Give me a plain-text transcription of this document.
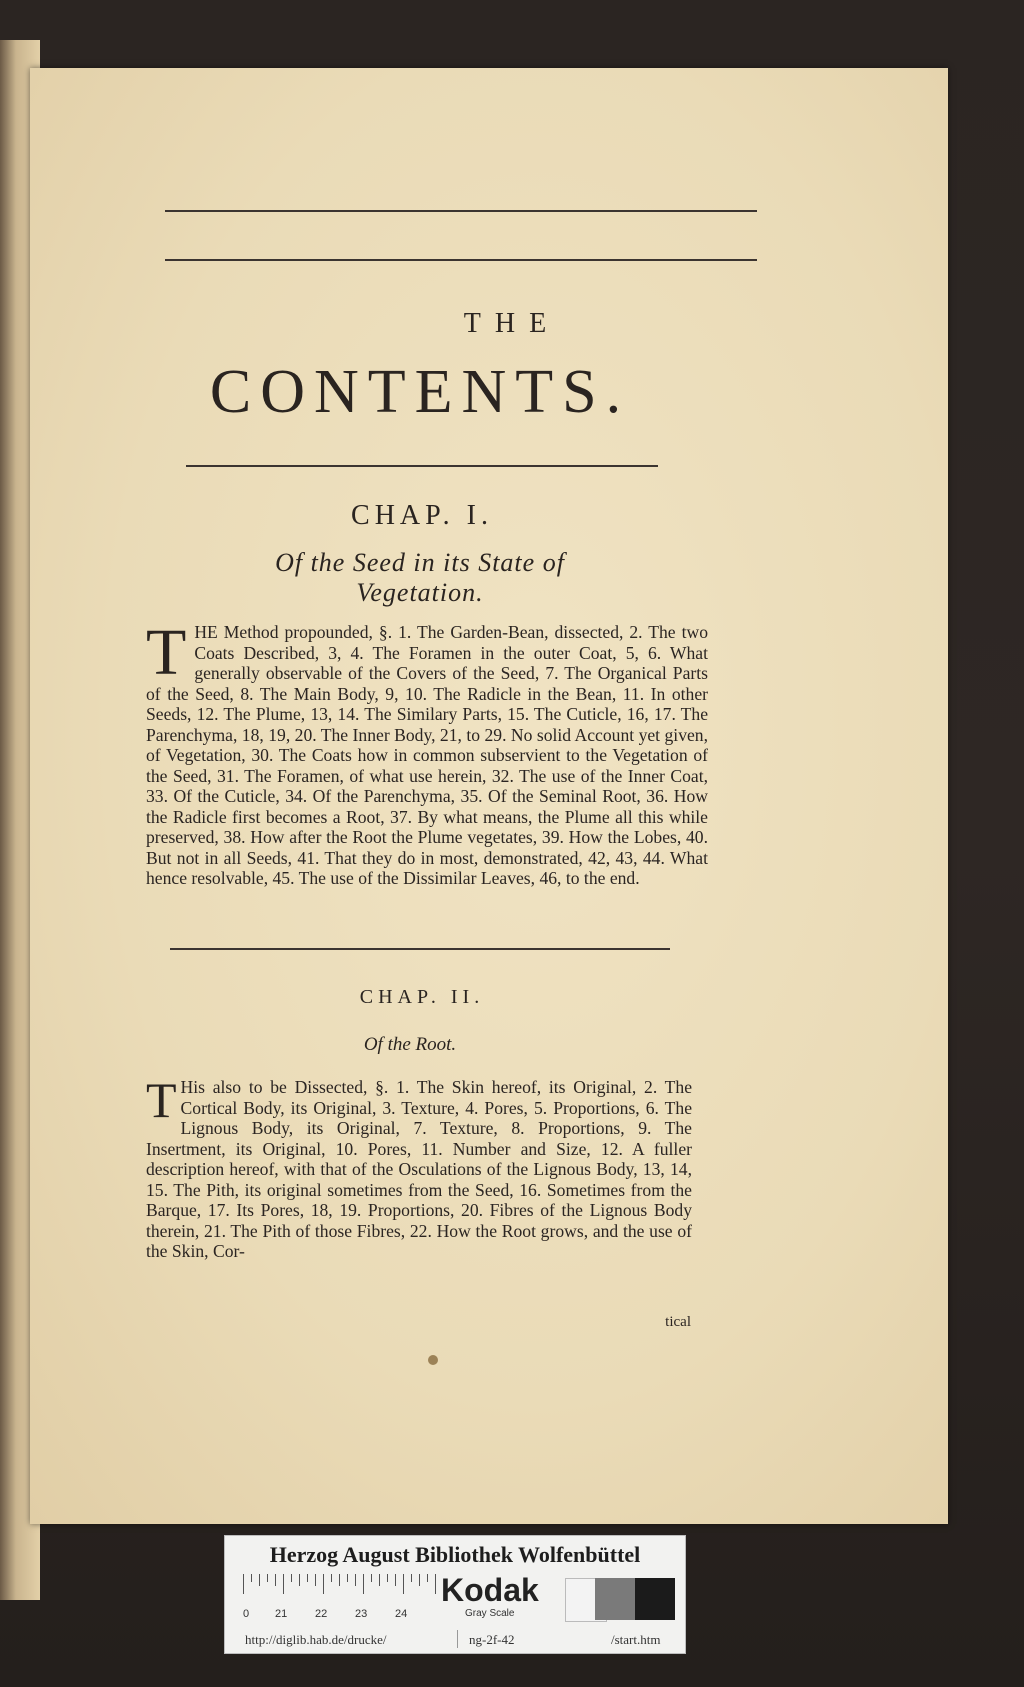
THE
CONTENTS.
CHAP. I.
Of the Seed in its State of Vegetation.

THE Method propounded, §. 1. The Garden-Bean, dissected, 2. The two Coats Described, 3, 4. The Foramen in the outer Coat, 5, 6. What generally observable of the Covers of the Seed, 7. The Organical Parts of the Seed, 8. The Main Body, 9, 10. The Radicle in the Bean, 11. In other Seeds, 12. The Plume, 13, 14. The Similary Parts, 15. The Cuticle, 16, 17. The Parenchyma, 18, 19, 20. The Inner Body, 21, to 29. No solid Account yet given, of Vegetation, 30. The Coats how in common subservient to the Vegetation of the Seed, 31. The Foramen, of what use herein, 32. The use of the Inner Coat, 33. Of the Cuticle, 34. Of the Parenchyma, 35. Of the Seminal Root, 36. How the Radicle first becomes a Root, 37. By what means, the Plume all this while preserved, 38. How after the Root the Plume vegetates, 39. How the Lobes, 40. But not in all Seeds, 41. That they do in most, demonstrated, 42, 43, 44. What hence resolvable, 45. The use of the Dissimilar Leaves, 46, to the end.

CHAP. II.
Of the Root.

T His also to be Dissected, §. 1. The Skin hereof, its Original, 2. The Cortical Body, its Original, 3. Texture, 4. Pores, 5. Proportions, 6. The Lignous Body, its Original, 7. Texture, 8. Proportions, 9. The Insertment, its Original, 10. Pores, 11. Number and Size, 12. A fuller description hereof, with that of the Osculations of the Lignous Body, 13, 14, 15. The Pith, its original sometimes from the Seed, 16. Sometimes from the Barque, 17. Its Pores, 18, 19. Proportions, 20. Fibres of the Lignous Body therein, 21. The Pith of those Fibres, 22. How the Root grows, and the use of the Skin, Cor-

tical
Herzog August Bibliothek Wolfenbüttel
0 21	22	23	24
Kodak
Gray Scale
http://diglib.hab.de/drucke/	ng-2f-42	/start.htm
